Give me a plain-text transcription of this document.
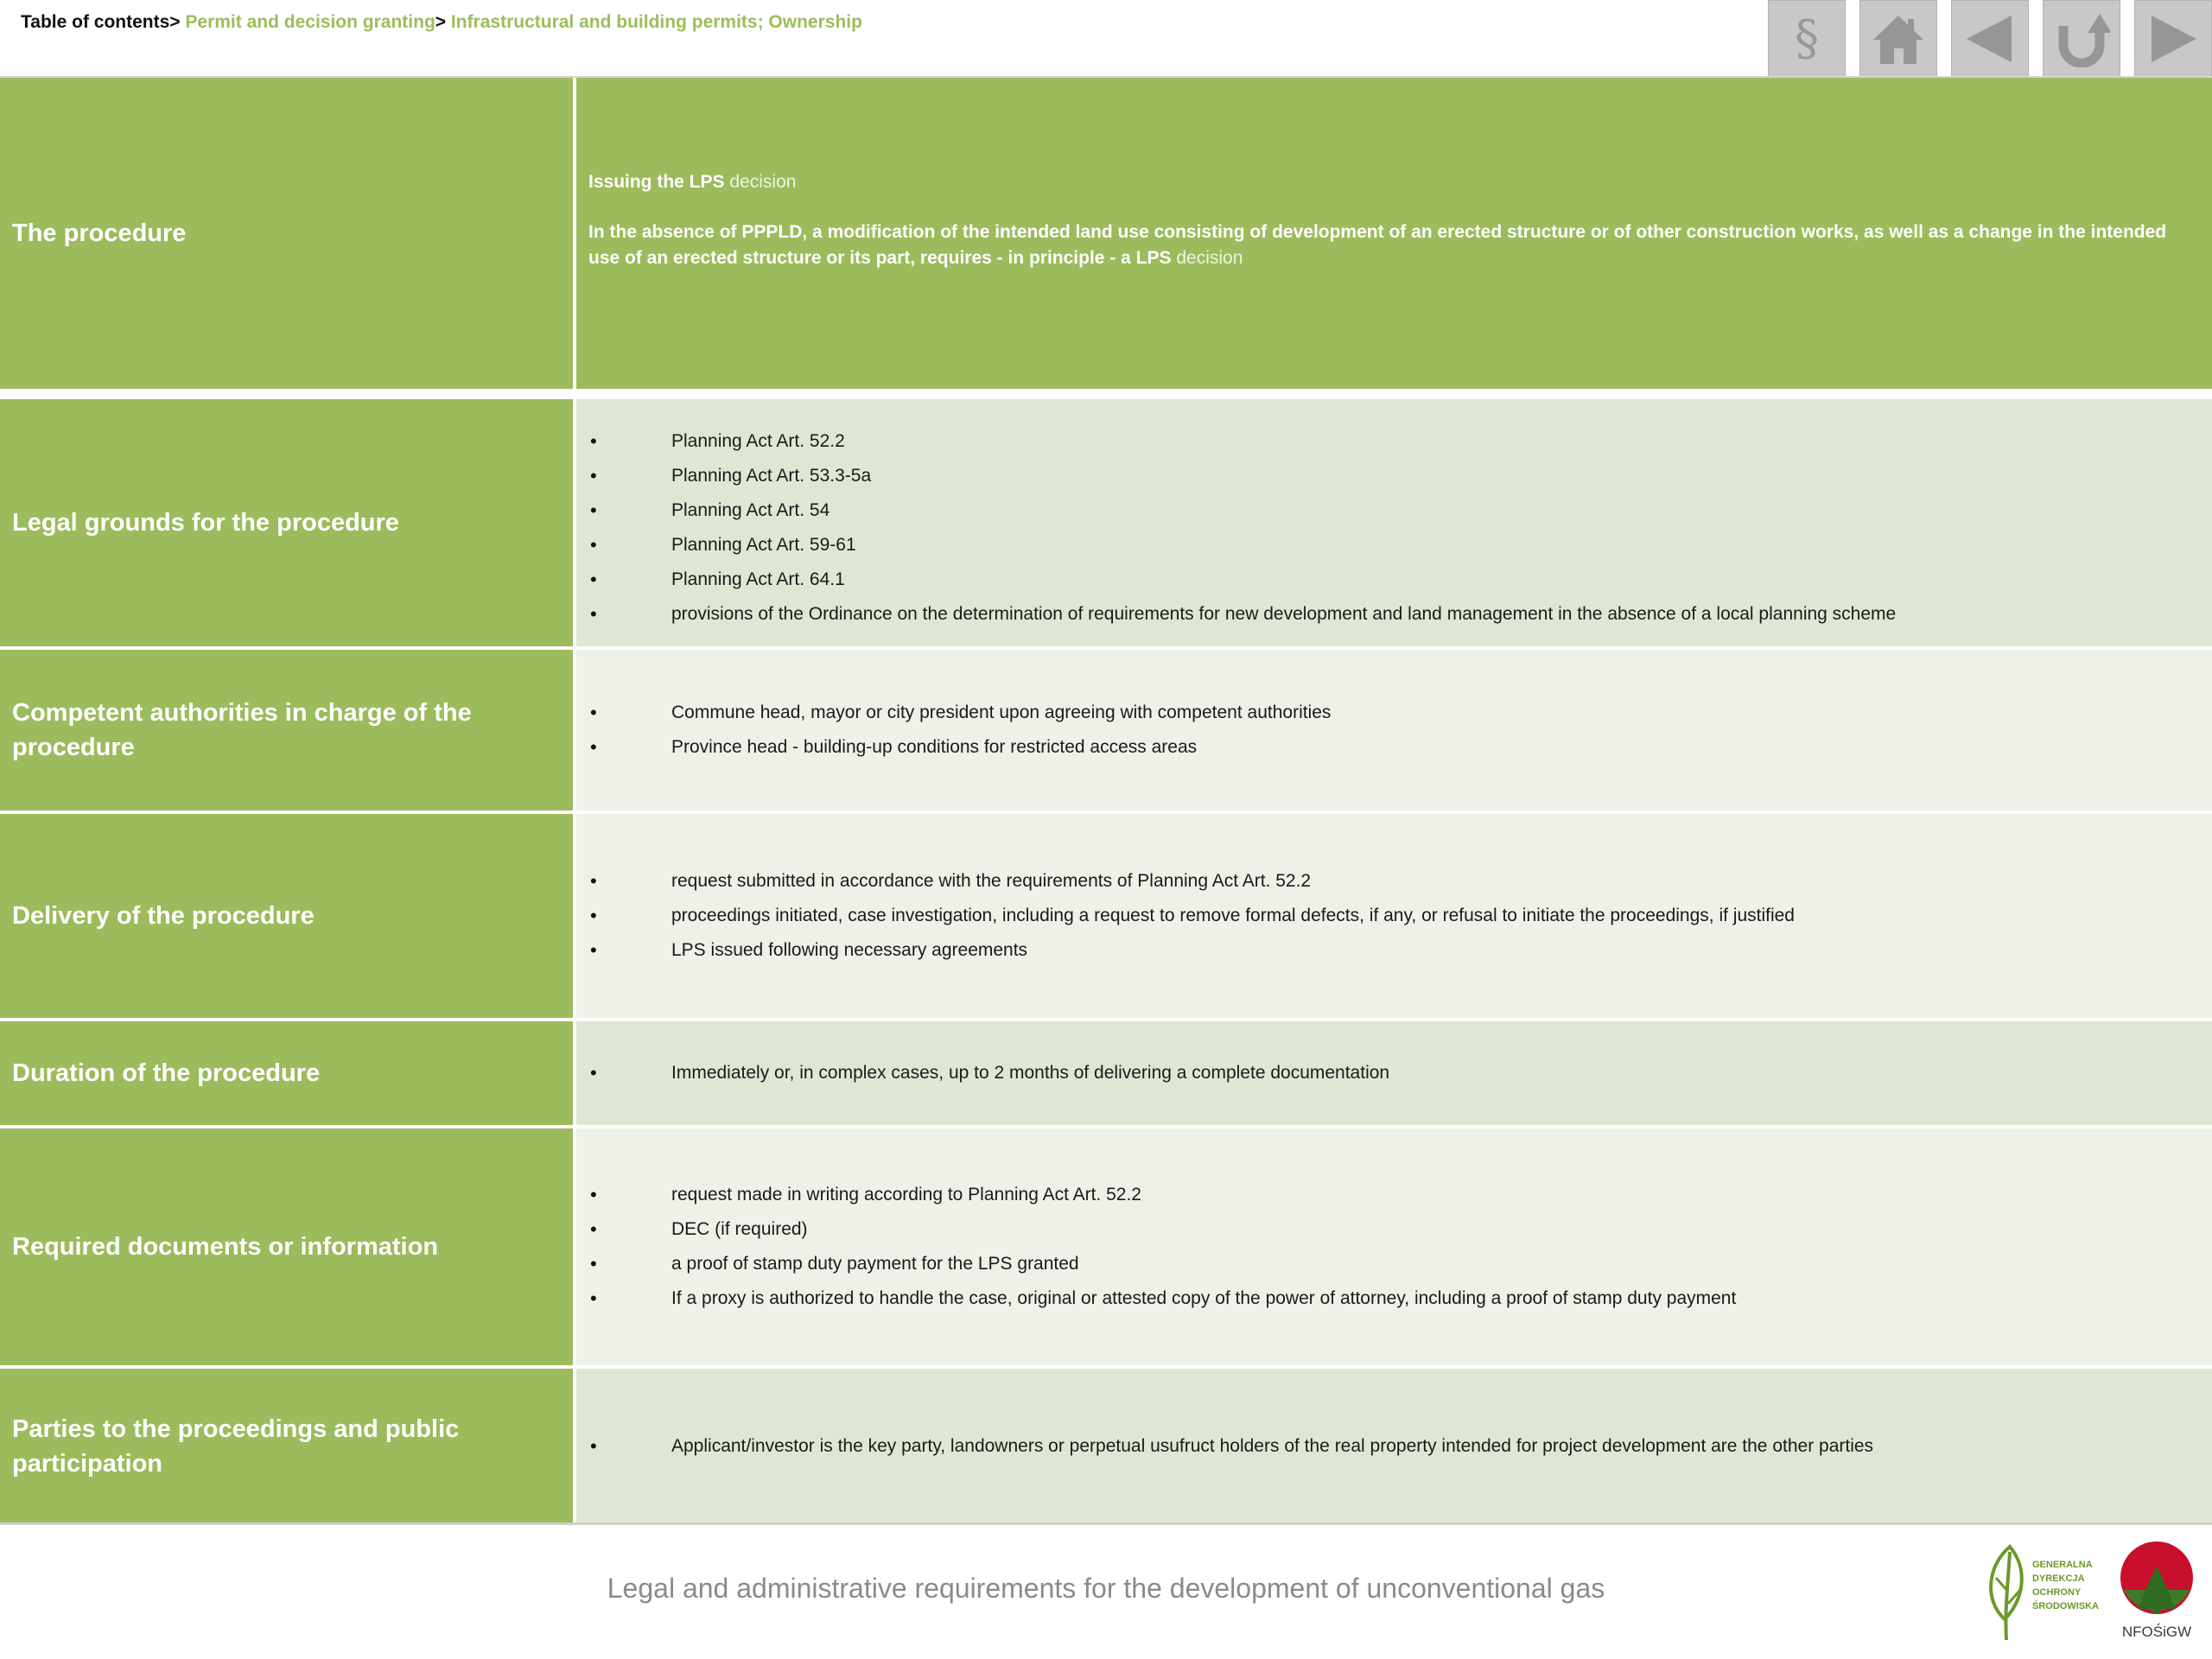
Table of contents> Permit and decision granting> Infrastructural and building permits; Ownership	§
The procedure

Issuing the LPS decision

In the absence of PPPLD, a modification of the intended land use consisting of development of an erected structure or of other construction works, as well as a change in the intended use of an erected structure or its part, requires - in principle - a LPS decision

Legal grounds for the procedure
• Planning Act Art. 52.2
• Planning Act Art. 53.3-5a
• Planning Act Art. 54
• Planning Act Art. 59-61
• Planning Act Art. 64.1
• provisions of the Ordinance on the determination of requirements for new development and land management in the absence of a local planning scheme
Competent authorities in charge of the procedure
• Commune head, mayor or city president upon agreeing with competent authorities
• Province head - building-up conditions for restricted access areas
Delivery of the procedure
• request submitted in accordance with the requirements of Planning Act Art. 52.2
• proceedings initiated, case investigation, including a request to remove formal defects, if any, or refusal to initiate the proceedings, if justified
• LPS issued following necessary agreements
Duration of the procedure
•	Immediately or, in complex cases, up to 2 months of delivering a complete documentation
Required documents or information
• request made in writing according to Planning Act Art. 52.2
• DEC (if required)
• a proof of stamp duty payment for the LPS granted
• If a proxy is authorized to handle the case, original or attested copy of the power of attorney, including a proof of stamp duty payment
Parties to the proceedings and public participation
• Applicant/investor is the key party, landowners or perpetual usufruct holders of the real property intended for project development are the other parties
Legal and administrative requirements for the development of unconventional gas
GENERALNA
DYREKCJA
OCHRONY
ŚRODOWISKA
NFOŚiGW
